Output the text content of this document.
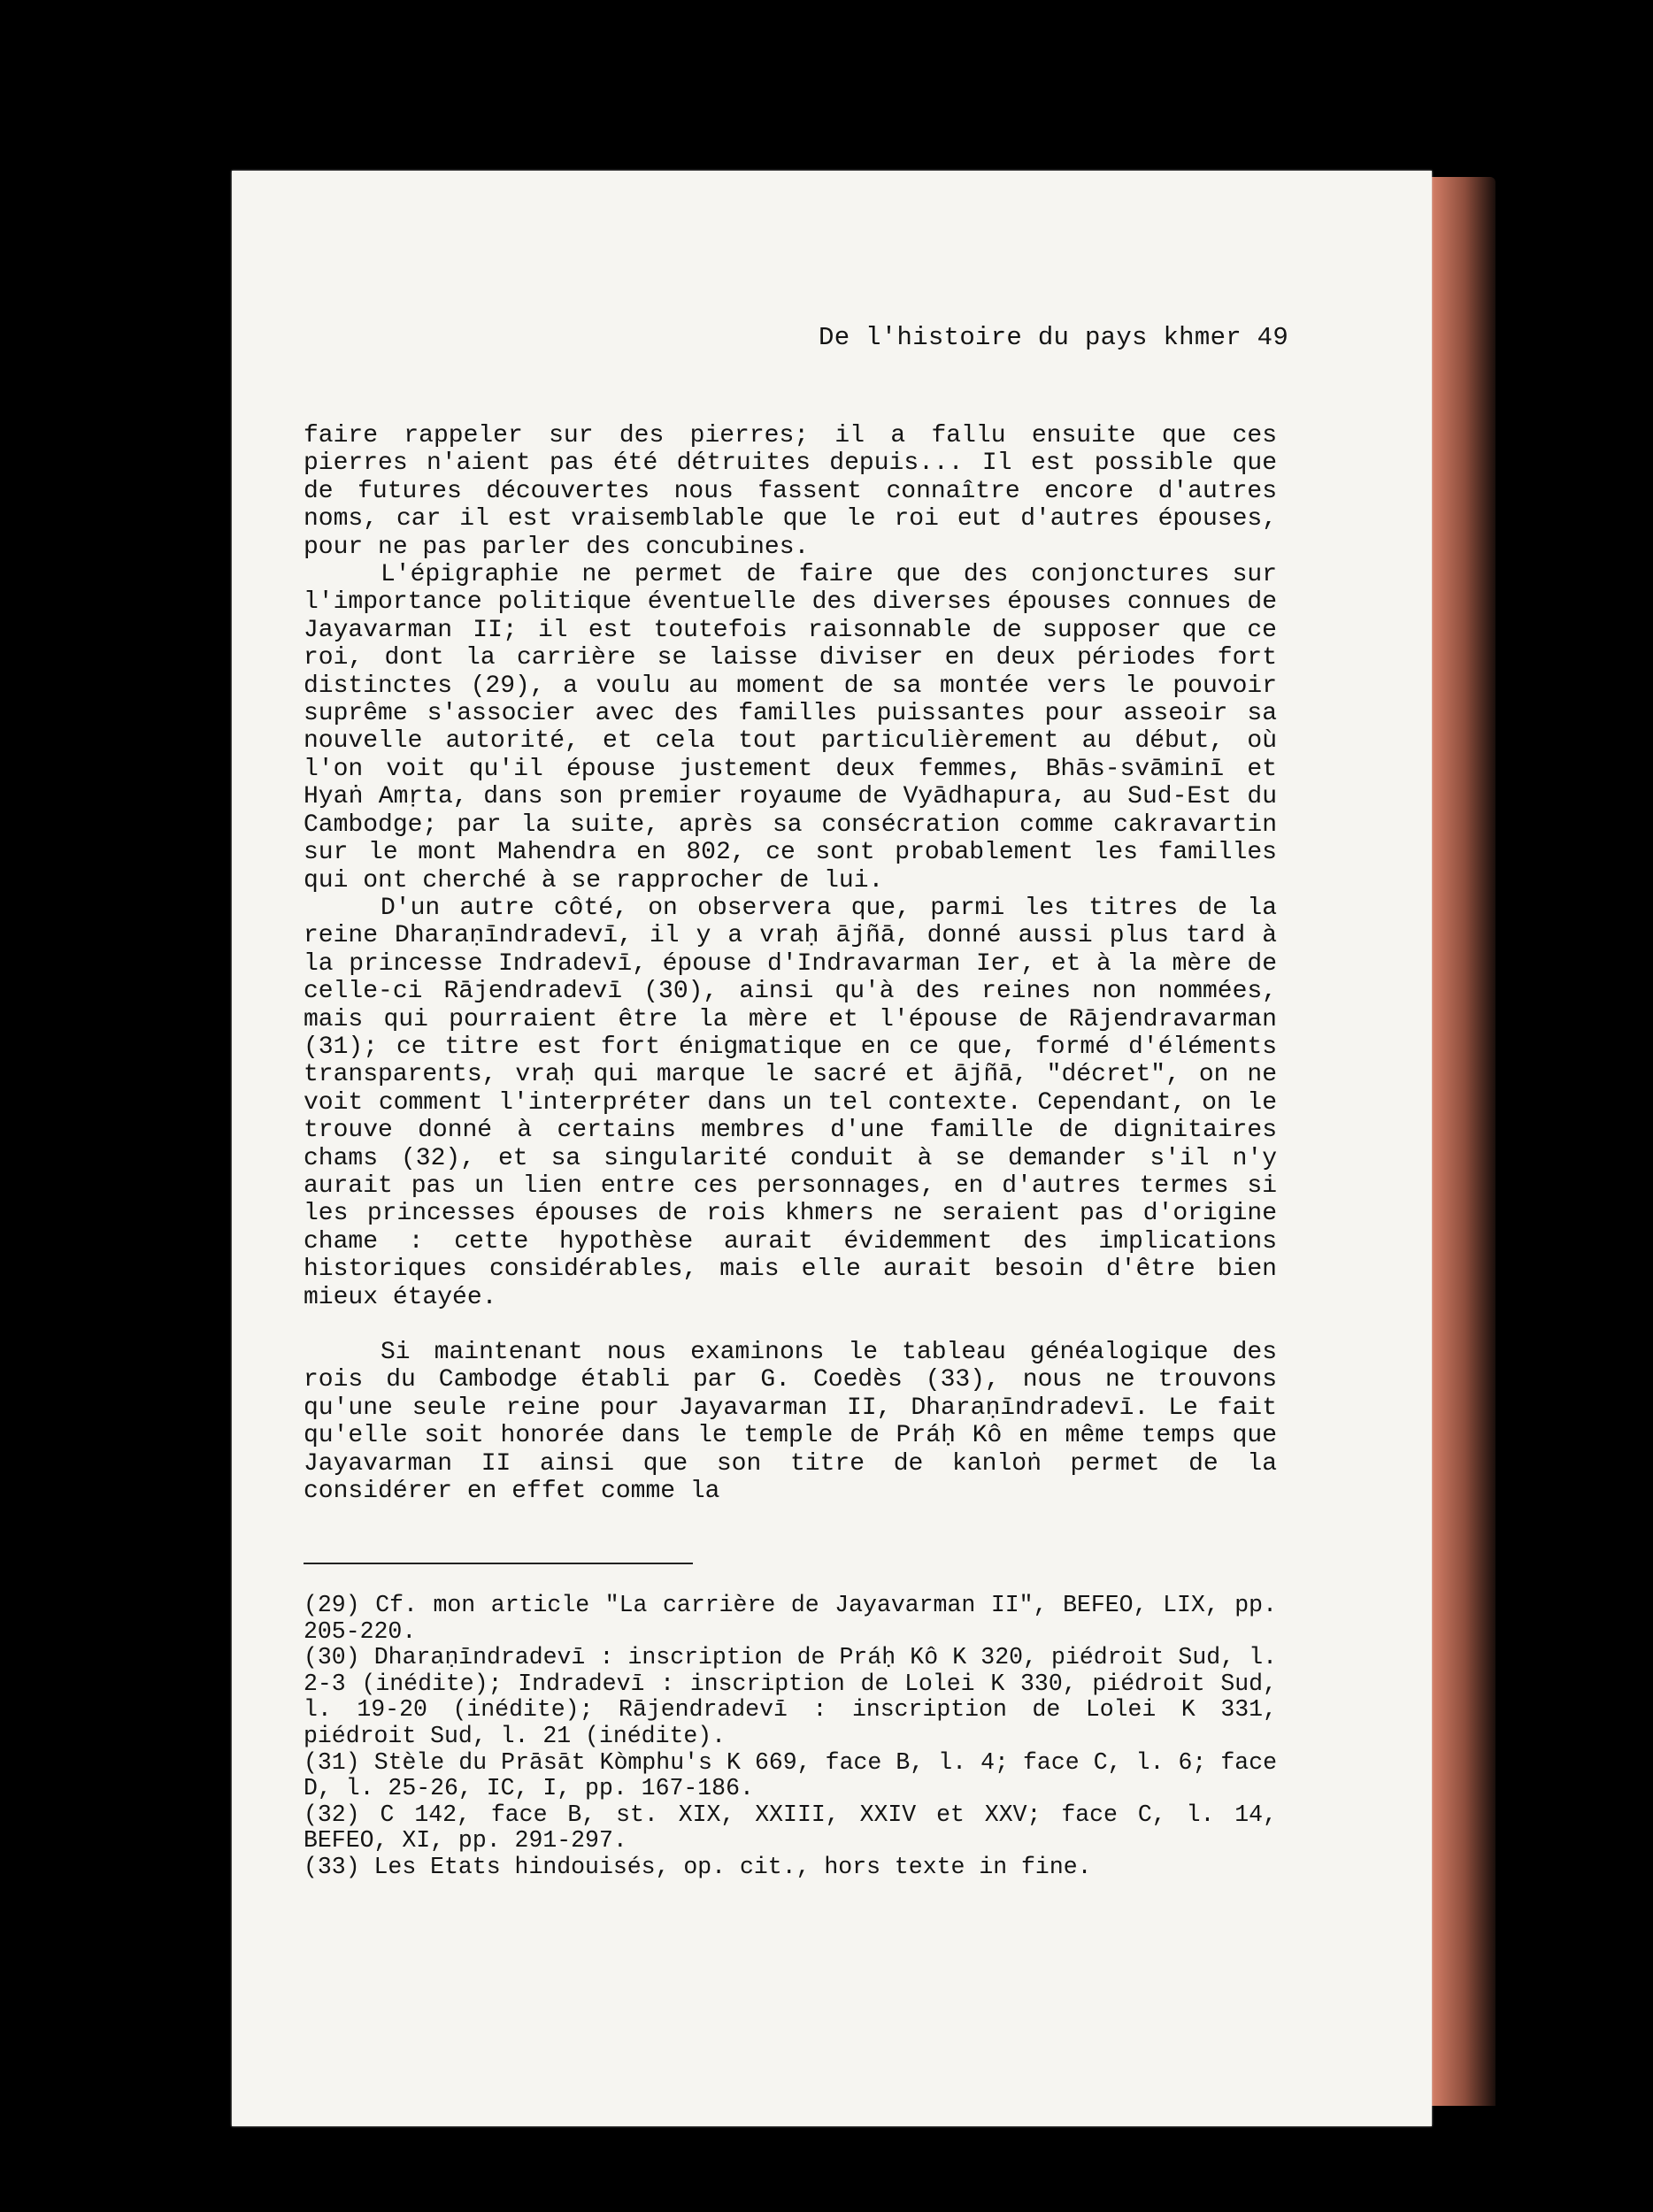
De l'histoire du pays khmer 49

faire rappeler sur des pierres; il a fallu ensuite que ces pierres n'aient pas été détruites depuis... Il est possible que de futures découvertes nous fassent connaître encore d'autres noms, car il est vraisemblable que le roi eut d'autres épouses, pour ne pas parler des concubines.

L'épigraphie ne permet de faire que des conjonctures sur l'importance politique éventuelle des diverses épouses connues de Jayavarman II; il est toutefois raisonnable de supposer que ce roi, dont la carrière se laisse diviser en deux périodes fort distinctes (29), a voulu au moment de sa montée vers le pouvoir suprême s'associer avec des familles puissantes pour asseoir sa nouvelle autorité, et cela tout particulièrement au début, où l'on voit qu'il épouse justement deux femmes, Bhās-svāminī et Hyaṅ Amṛta, dans son premier royaume de Vyādhapura, au Sud-Est du Cambodge; par la suite, après sa consécration comme cakravartin sur le mont Mahendra en 802, ce sont probablement les familles qui ont cherché à se rapprocher de lui.

D'un autre côté, on observera que, parmi les titres de la reine Dharaṇīndradevī, il y a vraḥ ājñā, donné aussi plus tard à la princesse Indradevī, épouse d'Indravarman Ier, et à la mère de celle-ci Rājendradevī (30), ainsi qu'à des reines non nommées, mais qui pourraient être la mère et l'épouse de Rājendravarman (31); ce titre est fort énigmatique en ce que, formé d'éléments transparents, vraḥ qui marque le sacré et ājñā, "décret", on ne voit comment l'interpréter dans un tel contexte. Cependant, on le trouve donné à certains membres d'une famille de dignitaires chams (32), et sa singularité conduit à se demander s'il n'y aurait pas un lien entre ces personnages, en d'autres termes si les princesses épouses de rois khmers ne seraient pas d'origine chame : cette hypothèse aurait évidemment des implications historiques considérables, mais elle aurait besoin d'être bien mieux étayée.

Si maintenant nous examinons le tableau généalogique des rois du Cambodge établi par G. Coedès (33), nous ne trouvons qu'une seule reine pour Jayavarman II, Dharaṇīndradevī. Le fait qu'elle soit honorée dans le temple de Práḥ Kô en même temps que Jayavarman II ainsi que son titre de kanloṅ permet de la considérer en effet comme la

(29) Cf. mon article "La carrière de Jayavarman II", BEFEO, LIX, pp. 205-220.

(30) Dharaṇīndradevī : inscription de Práḥ Kô K 320, piédroit Sud, l. 2-3 (inédite); Indradevī : inscription de Lolei K 330, piédroit Sud, l. 19-20 (inédite); Rājendradevī : inscription de Lolei K 331, piédroit Sud, l. 21 (inédite).

(31) Stèle du Prāsāt Kòmphu's K 669, face B, l. 4; face C, l. 6; face D, l. 25-26, IC, I, pp. 167-186.

(32) C 142, face B, st. XIX, XXIII, XXIV et XXV; face C, l. 14, BEFEO, XI, pp. 291-297.

(33) Les Etats hindouisés, op. cit., hors texte in fine.
